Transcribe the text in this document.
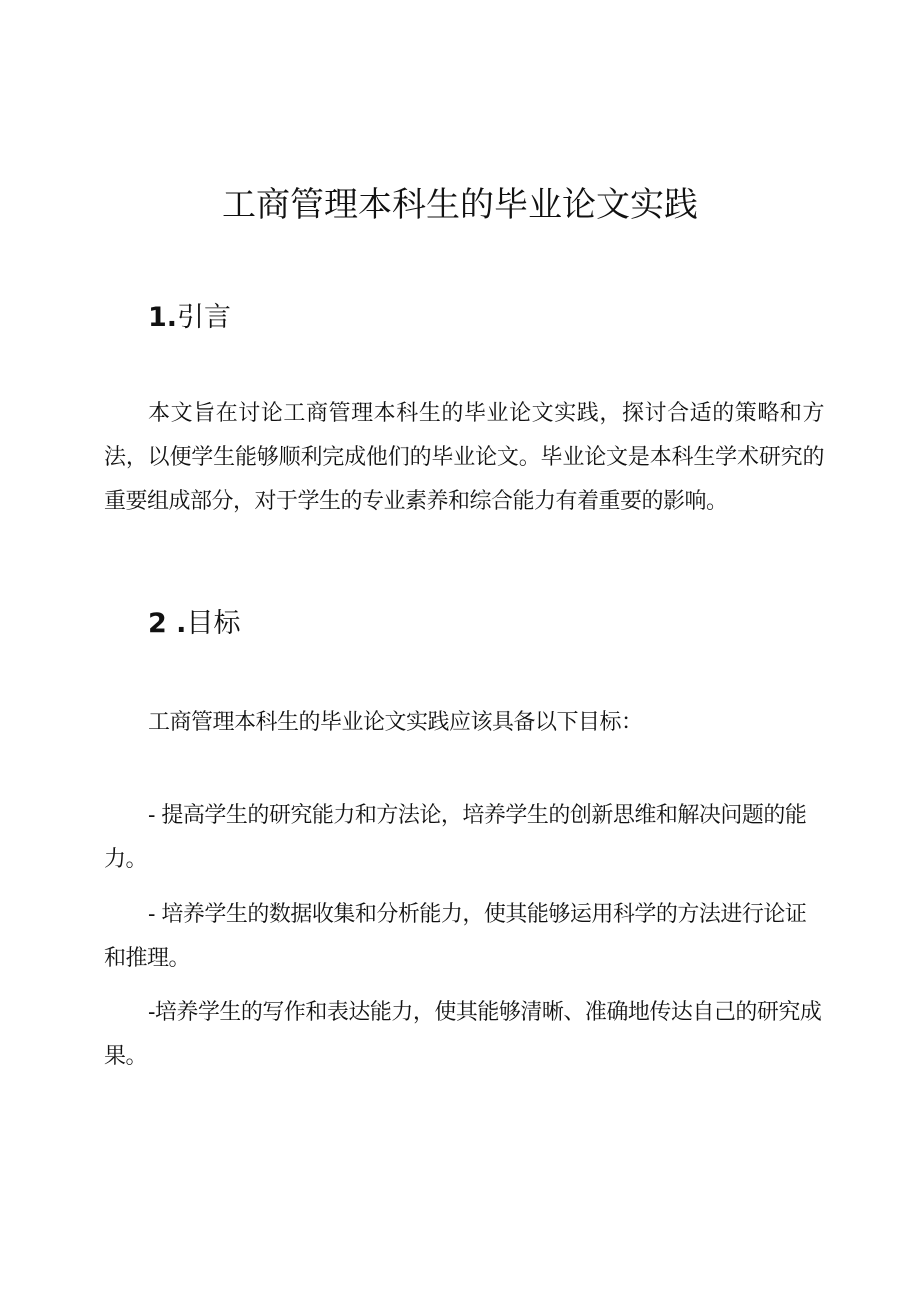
工商管理本科生的毕业论文实践
1.引言

本文旨在讨论工商管理本科生的毕业论文实践，探讨合适的策略和方法，以便学生能够顺利完成他们的毕业论文。毕业论文是本科生学术研究的重要组成部分，对于学生的专业素养和综合能力有着重要的影响。

2 .目标

工商管理本科生的毕业论文实践应该具备以下目标：

- 提高学生的研究能力和方法论，培养学生的创新思维和解决问题的能力。

- 培养学生的数据收集和分析能力，使其能够运用科学的方法进行论证和推理。

-培养学生的写作和表达能力，使其能够清晰、准确地传达自己的研究成果。
